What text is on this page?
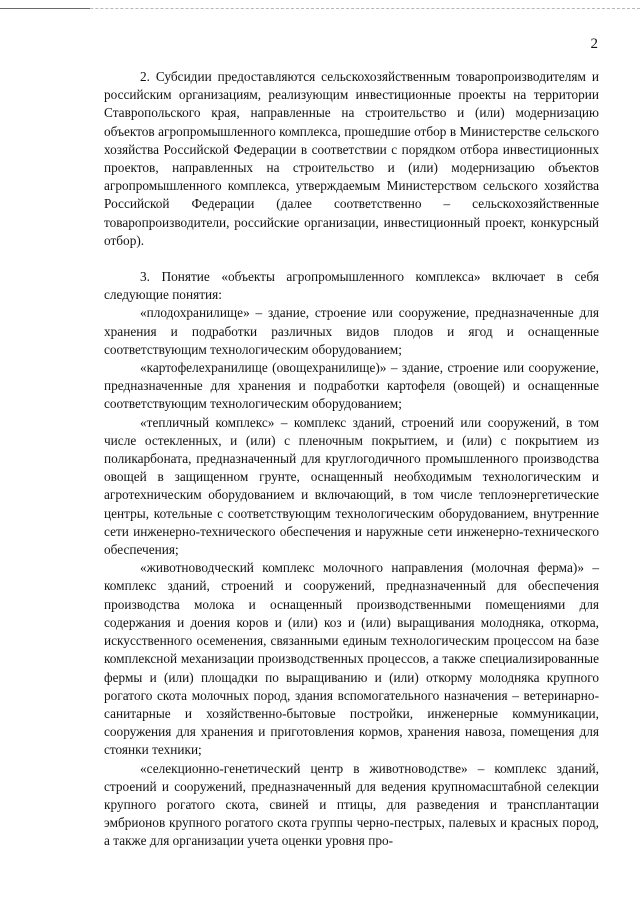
2

2. Субсидии предоставляются сельскохозяйственным товаропроизводителям и российским организациям, реализующим инвестиционные проекты на территории Ставропольского края, направленные на строительство и (или) модернизацию объектов агропромышленного комплекса, прошедшие отбор в Министерстве сельского хозяйства Российской Федерации в соответствии с порядком отбора инвестиционных проектов, направленных на строительство и (или) модернизацию объектов агропромышленного комплекса, утверждаемым Министерством сельского хозяйства Российской Федерации (далее соответственно – сельскохозяйственные товаропроизводители, российские организации, инвестиционный проект, конкурсный отбор).

3. Понятие «объекты агропромышленного комплекса» включает в себя следующие понятия:

«плодохранилище» – здание, строение или сооружение, предназначенные для хранения и подработки различных видов плодов и ягод и оснащенные соответствующим технологическим оборудованием;

«картофелехранилище (овощехранилище)» – здание, строение или сооружение, предназначенные для хранения и подработки картофеля (овощей) и оснащенные соответствующим технологическим оборудованием;

«тепличный комплекс» – комплекс зданий, строений или сооружений, в том числе остекленных, и (или) с пленочным покрытием, и (или) с покрытием из поликарбоната, предназначенный для круглогодичного промышленного производства овощей в защищенном грунте, оснащенный необходимым технологическим и агротехническим оборудованием и включающий, в том числе теплоэнергетические центры, котельные с соответствующим технологическим оборудованием, внутренние сети инженерно-технического обеспечения и наружные сети инженерно-технического обеспечения;

«животноводческий комплекс молочного направления (молочная ферма)» – комплекс зданий, строений и сооружений, предназначенный для обеспечения производства молока и оснащенный производственными помещениями для содержания и доения коров и (или) коз и (или) выращивания молодняка, откорма, искусственного осеменения, связанными единым технологическим процессом на базе комплексной механизации производственных процессов, а также специализированные фермы и (или) площадки по выращиванию и (или) откорму молодняка крупного рогатого скота молочных пород, здания вспомогательного назначения – ветеринарно-санитарные и хозяйственно-бытовые постройки, инженерные коммуникации, сооружения для хранения и приготовления кормов, хранения навоза, помещения для стоянки техники;

«селекционно-генетический центр в животноводстве» – комплекс зданий, строений и сооружений, предназначенный для ведения крупномасштабной селекции крупного рогатого скота, свиней и птицы, для разведения и трансплантации эмбрионов крупного рогатого скота группы черно-пестрых, палевых и красных пород, а также для организации учета оценки уровня про-
